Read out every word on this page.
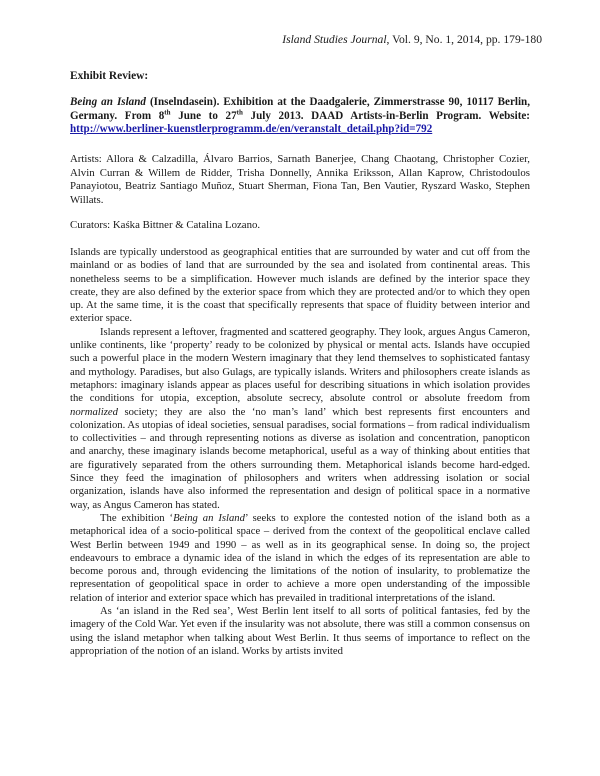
Island Studies Journal, Vol. 9, No. 1, 2014, pp. 179-180
Exhibit Review:
Being an Island (Inselndasein). Exhibition at the Daadgalerie, Zimmerstrasse 90, 10117 Berlin, Germany. From 8th June to 27th July 2013. DAAD Artists-in-Berlin Program. Website: http://www.berliner-kuenstlerprogramm.de/en/veranstalt_detail.php?id=792
Artists: Allora & Calzadilla, Álvaro Barrios, Sarnath Banerjee, Chang Chaotang, Christopher Cozier, Alvin Curran & Willem de Ridder, Trisha Donnelly, Annika Eriksson, Allan Kaprow, Christodoulos Panayiotou, Beatriz Santiago Muñoz, Stuart Sherman, Fiona Tan, Ben Vautier, Ryszard Wasko, Stephen Willats.
Curators: Kaśka Bittner & Catalina Lozano.

Islands are typically understood as geographical entities that are surrounded by water and cut off from the mainland or as bodies of land that are surrounded by the sea and isolated from continental areas. This nonetheless seems to be a simplification. However much islands are defined by the interior space they create, they are also defined by the exterior space from which they are protected and/or to which they open up. At the same time, it is the coast that specifically represents that space of fluidity between interior and exterior space.

Islands represent a leftover, fragmented and scattered geography. They look, argues Angus Cameron, unlike continents, like ‘property’ ready to be colonized by physical or mental acts. Islands have occupied such a powerful place in the modern Western imaginary that they lend themselves to sophisticated fantasy and mythology. Paradises, but also Gulags, are typically islands. Writers and philosophers create islands as metaphors: imaginary islands appear as places useful for describing situations in which isolation provides the conditions for utopia, exception, absolute secrecy, absolute control or absolute freedom from normalized society; they are also the ‘no man’s land’ which best represents first encounters and colonization. As utopias of ideal societies, sensual paradises, social formations – from radical individualism to collectivities – and through representing notions as diverse as isolation and concentration, panopticon and anarchy, these imaginary islands become metaphorical, useful as a way of thinking about entities that are figuratively separated from the others surrounding them. Metaphorical islands become hard-edged. Since they feed the imagination of philosophers and writers when addressing isolation or social organization, islands have also informed the representation and design of political space in a normative way, as Angus Cameron has stated.

The exhibition ‘Being an Island’ seeks to explore the contested notion of the island both as a metaphorical idea of a socio-political space – derived from the context of the geopolitical enclave called West Berlin between 1949 and 1990 – as well as in its geographical sense. In doing so, the project endeavours to embrace a dynamic idea of the island in which the edges of its representation are able to become porous and, through evidencing the limitations of the notion of insularity, to problematize the representation of geopolitical space in order to achieve a more open understanding of the impossible relation of interior and exterior space which has prevailed in traditional interpretations of the island.

As ‘an island in the Red sea’, West Berlin lent itself to all sorts of political fantasies, fed by the imagery of the Cold War. Yet even if the insularity was not absolute, there was still a common consensus on using the island metaphor when talking about West Berlin. It thus seems of importance to reflect on the appropriation of the notion of an island. Works by artists invited
